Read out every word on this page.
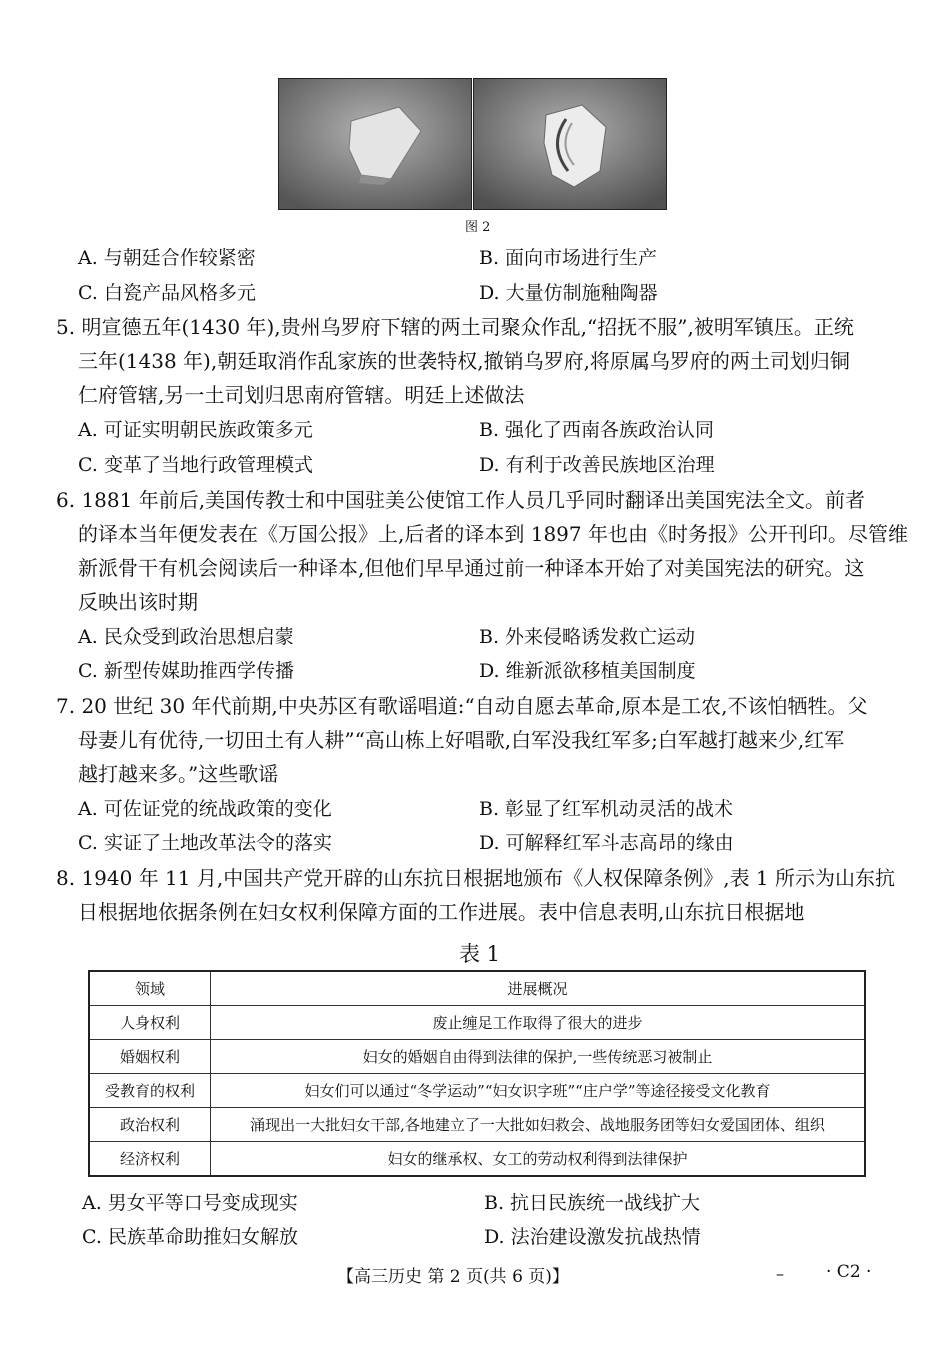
图 2
A. 与朝廷合作较紧密	B. 面向市场进行生产
C. 白瓷产品风格多元	D. 大量仿制施釉陶器
5. 明宣德五年(1430 年),贵州乌罗府下辖的两土司聚众作乱,“招抚不服”,被明军镇压。正统
三年(1438 年),朝廷取消作乱家族的世袭特权,撤销乌罗府,将原属乌罗府的两土司划归铜
仁府管辖,另一土司划归思南府管辖。明廷上述做法
A. 可证实明朝民族政策多元	B. 强化了西南各族政治认同
C. 变革了当地行政管理模式	D. 有利于改善民族地区治理
6. 1881 年前后,美国传教士和中国驻美公使馆工作人员几乎同时翻译出美国宪法全文。前者
的译本当年便发表在《万国公报》上,后者的译本到 1897 年也由《时务报》公开刊印。尽管维
新派骨干有机会阅读后一种译本,但他们早早通过前一种译本开始了对美国宪法的研究。这
反映出该时期
A. 民众受到政治思想启蒙	B. 外来侵略诱发救亡运动
C. 新型传媒助推西学传播	D. 维新派欲移植美国制度
7. 20 世纪 30 年代前期,中央苏区有歌谣唱道:“自动自愿去革命,原本是工农,不该怕牺牲。父
母妻儿有优待,一切田土有人耕”“高山栋上好唱歌,白军没我红军多;白军越打越来少,红军
越打越来多。”这些歌谣
A. 可佐证党的统战政策的变化	B. 彰显了红军机动灵活的战术
C. 实证了土地改革法令的落实	D. 可解释红军斗志高昂的缘由
8. 1940 年 11 月,中国共产党开辟的山东抗日根据地颁布《人权保障条例》,表 1 所示为山东抗
日根据地依据条例在妇女权利保障方面的工作进展。表中信息表明,山东抗日根据地
表 1
领域	进展概况
人身权利	废止缠足工作取得了很大的进步
婚姻权利	妇女的婚姻自由得到法律的保护,一些传统恶习被制止
受教育的权利	妇女们可以通过“冬学运动”“妇女识字班”“庄户学”等途径接受文化教育
政治权利	涌现出一大批妇女干部,各地建立了一大批如妇救会、战地服务团等妇女爱国团体、组织
经济权利	妇女的继承权、女工的劳动权利得到法律保护
A. 男女平等口号变成现实	B. 抗日民族统一战线扩大
C. 民族革命助推妇女解放	D. 法治建设激发抗战热情
【高三历史 第 2 页(共 6 页)】	– · C2 ·
